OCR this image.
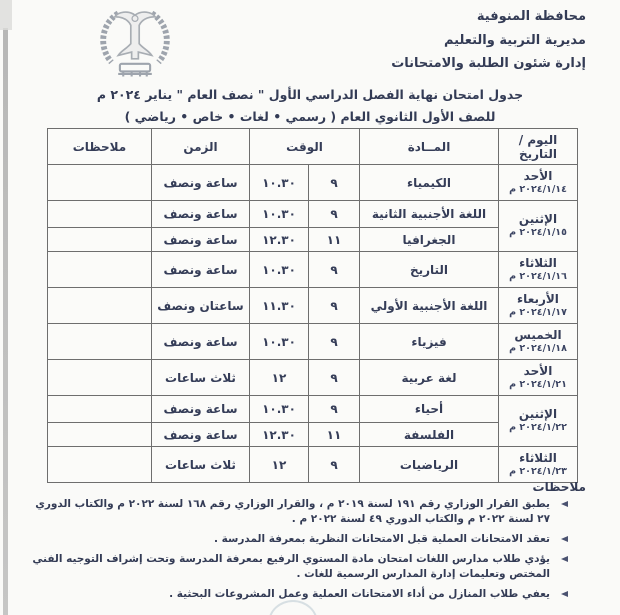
محافظة المنوفية
مديرية التربية والتعليم
إدارة شئون الطلبة والامتحانات
جدول امتحان نهاية الفصل الدراسي الأول " نصف العام " يناير ٢٠٢٤ م
للصف الأول الثانوي العام ( رسمي • لغات • خاص • رياضي )
اليوم / التاريخ	المــادة	الوقت		الزمن	ملاحظات

الأحد
٢٠٢٤/١/١٤ م	الكيمياء	٩	١٠.٣٠	ساعة ونصف	

الإثنين
٢٠٢٤/١/١٥ م	اللغة الأجنبية الثانية	٩	١٠.٣٠	ساعة ونصف	
	الجغرافيا	١١	١٢.٣٠	ساعة ونصف	

الثلاثاء
٢٠٢٤/١/١٦ م	التاريخ	٩	١٠.٣٠	ساعة ونصف	

الأربعاء
٢٠٢٤/١/١٧ م	اللغة الأجنبية الأولي	٩	١١.٣٠	ساعتان ونصف	

الخميس
٢٠٢٤/١/١٨ م	فيزياء	٩	١٠.٣٠	ساعة ونصف	

الأحد
٢٠٢٤/١/٢١ م	لغة عربية	٩	١٢	ثلاث ساعات	

الإثنين
٢٠٢٤/١/٢٢ م	أحياء	٩	١٠.٣٠	ساعة ونصف	
	الفلسفة	١١	١٢.٣٠	ساعة ونصف	

الثلاثاء
٢٠٢٤/١/٢٣ م	الرياضيات	٩	١٢	ثلاث ساعات	
ملاحظات
يطبق القرار الوزاري رقم ١٩١ لسنة ٢٠١٩ م ، والقرار الوزاري رقم ١٦٨ لسنة ٢٠٢٢ م والكتاب الدوري ٢٧ لسنة ٢٠٢٢ م والكتاب الدوري ٤٩ لسنة ٢٠٢٢ م .
تعقد الامتحانات العملية قبل الامتحانات النظرية بمعرفة المدرسة .
يؤدي طلاب مدارس اللغات امتحان مادة المستوي الرفيع بمعرفة المدرسة وتحت إشراف التوجيه الفني المختص وتعليمات إدارة المدارس الرسمية للغات .
يعفي طلاب المنازل من أداء الامتحانات العملية وعمل المشروعات البحثية .
